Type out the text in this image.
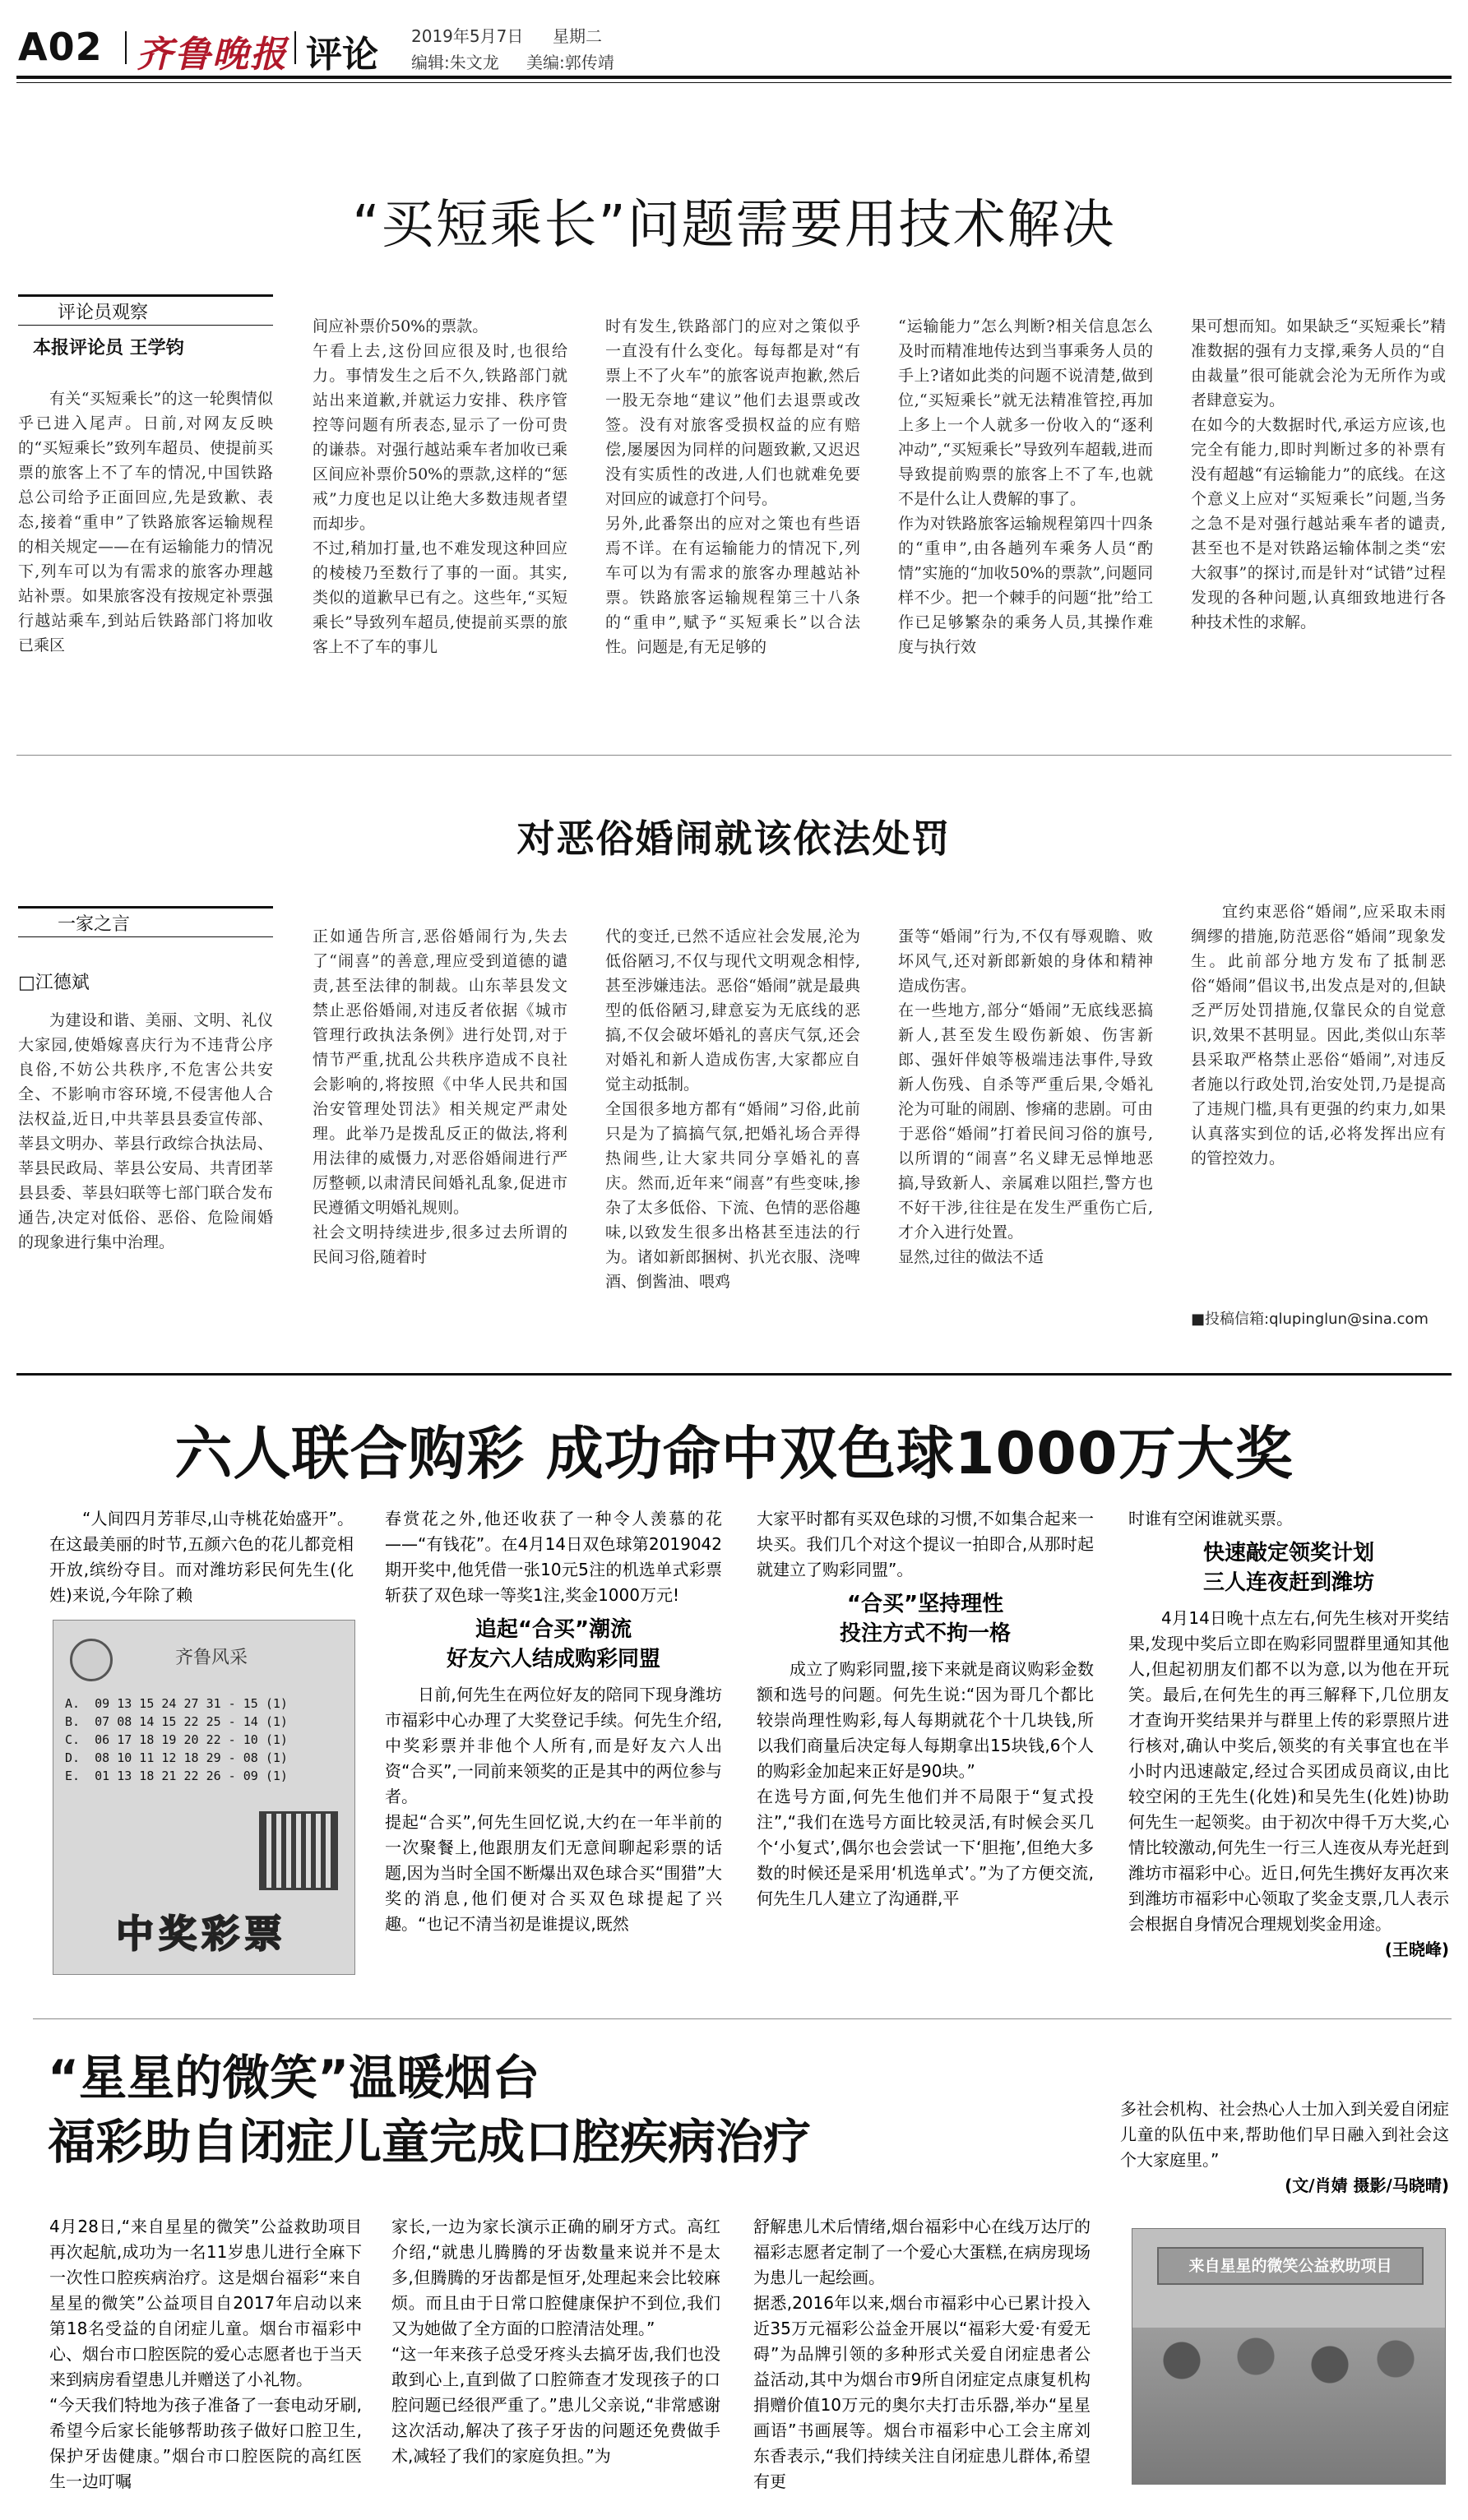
A02 齐鲁晚报 评论 2019年5月7日 星期二
编辑:朱文龙 美编:郭传靖
“买短乘长”问题需要用技术解决
评论员观察
本报评论员 王学钧

有关“买短乘长”的这一轮舆情似乎已进入尾声。日前,对网友反映的“买短乘长”致列车超员、使提前买票的旅客上不了车的情况,中国铁路总公司给予正面回应,先是致歉、表态,接着“重申”了铁路旅客运输规程的相关规定——在有运输能力的情况下,列车可以为有需求的旅客办理越站补票。如果旅客没有按规定补票强行越站乘车,到站后铁路部门将加收已乘区

间应补票价50%的票款。
午看上去,这份回应很及时,也很给力。事情发生之后不久,铁路部门就站出来道歉,并就运力安排、秩序管控等问题有所表态,显示了一份可贵的谦恭。对强行越站乘车者加收已乘区间应补票价50%的票款,这样的“惩戒”力度也足以让绝大多数违规者望而却步。
不过,稍加打量,也不难发现这种回应的棱棱乃至数行了事的一面。其实,类似的道歉早已有之。这些年,“买短乘长”导致列车超员,使提前买票的旅客上不了车的事儿

时有发生,铁路部门的应对之策似乎一直没有什么变化。每每都是对“有票上不了火车”的旅客说声抱歉,然后一股无奈地“建议”他们去退票或改签。没有对旅客受损权益的应有赔偿,屡屡因为同样的问题致歉,又迟迟没有实质性的改进,人们也就难免要对回应的诚意打个问号。
另外,此番祭出的应对之策也有些语焉不详。在有运输能力的情况下,列车可以为有需求的旅客办理越站补票。铁路旅客运输规程第三十八条的“重申”,赋予“买短乘长”以合法性。问题是,有无足够的

“运输能力”怎么判断?相关信息怎么及时而精准地传达到当事乘务人员的手上?诸如此类的问题不说清楚,做到位,“买短乘长”就无法精准管控,再加上多上一个人就多一份收入的“逐利冲动”,“买短乘长”导致列车超载,进而导致提前购票的旅客上不了车,也就不是什么让人费解的事了。
作为对铁路旅客运输规程第四十四条的“重申”,由各趟列车乘务人员“酌情”实施的“加收50%的票款”,问题同样不少。把一个棘手的问题“批”给工作已足够繁杂的乘务人员,其操作难度与执行效

果可想而知。如果缺乏“买短乘长”精准数据的强有力支撑,乘务人员的“自由裁量”很可能就会沦为无所作为或者肆意妄为。
在如今的大数据时代,承运方应该,也完全有能力,即时判断过多的补票有没有超越“有运输能力”的底线。在这个意义上应对“买短乘长”问题,当务之急不是对强行越站乘车者的谴责,甚至也不是对铁路运输体制之类“宏大叙事”的探讨,而是针对“试错”过程发现的各种问题,认真细致地进行各种技术性的求解。

对恶俗婚闹就该依法处罚
一家之言
□江德斌

为建设和谐、美丽、文明、礼仪大家园,使婚嫁喜庆行为不违背公序良俗,不妨公共秩序,不危害公共安全、不影响市容环境,不侵害他人合法权益,近日,中共莘县县委宣传部、莘县文明办、莘县行政综合执法局、莘县民政局、莘县公安局、共青团莘县县委、莘县妇联等七部门联合发布通告,决定对低俗、恶俗、危险闹婚的现象进行集中治理。

正如通告所言,恶俗婚闹行为,失去了“闹喜”的善意,理应受到道德的谴责,甚至法律的制裁。山东莘县发文禁止恶俗婚闹,对违反者依据《城市管理行政执法条例》进行处罚,对于情节严重,扰乱公共秩序造成不良社会影响的,将按照《中华人民共和国治安管理处罚法》相关规定严肃处理。此举乃是拨乱反正的做法,将利用法律的威慑力,对恶俗婚闹进行严厉整顿,以肃清民间婚礼乱象,促进市民遵循文明婚礼规则。
社会文明持续进步,很多过去所谓的民间习俗,随着时

代的变迁,已然不适应社会发展,沦为低俗陋习,不仅与现代文明观念相悖,甚至涉嫌违法。恶俗“婚闹”就是最典型的低俗陋习,肆意妄为无底线的恶搞,不仅会破坏婚礼的喜庆气氛,还会对婚礼和新人造成伤害,大家都应自觉主动抵制。
全国很多地方都有“婚闹”习俗,此前只是为了搞搞气氛,把婚礼场合弄得热闹些,让大家共同分享婚礼的喜庆。然而,近年来“闹喜”有些变味,掺杂了太多低俗、下流、色情的恶俗趣味,以致发生很多出格甚至违法的行为。诸如新郎捆树、扒光衣服、浇啤酒、倒酱油、喂鸡

蛋等“婚闹”行为,不仅有辱观瞻、败坏风气,还对新郎新娘的身体和精神造成伤害。
在一些地方,部分“婚闹”无底线恶搞新人,甚至发生殴伤新娘、伤害新郎、强奸伴娘等极端违法事件,导致新人伤残、自杀等严重后果,令婚礼沦为可耻的闹剧、惨痛的悲剧。可由于恶俗“婚闹”打着民间习俗的旗号,以所谓的“闹喜”名义肆无忌惮地恶搞,导致新人、亲属难以阻拦,警方也不好干涉,往往是在发生严重伤亡后,才介入进行处置。
显然,过往的做法不适

宜约束恶俗“婚闹”,应采取未雨绸缪的措施,防范恶俗“婚闹”现象发生。此前部分地方发布了抵制恶俗“婚闹”倡议书,出发点是对的,但缺乏严厉处罚措施,仅靠民众的自觉意识,效果不甚明显。因此,类似山东莘县采取严格禁止恶俗“婚闹”,对违反者施以行政处罚,治安处罚,乃是提高了违规门槛,具有更强的约束力,如果认真落实到位的话,必将发挥出应有的管控效力。

■投稿信箱:qlupinglun@sina.com
六人联合购彩 成功命中双色球1000万大奖

“人间四月芳菲尽,山寺桃花始盛开”。在这最美丽的时节,五颜六色的花儿都竞相开放,缤纷夺目。而对潍坊彩民何先生(化姓)来说,今年除了赖

齐鲁风采
A.  09 13 15 24 27 31 - 15 (1)
B.  07 08 14 15 22 25 - 14 (1)
C.  06 17 18 19 20 22 - 10 (1)
D.  08 10 11 12 18 29 - 08 (1)
E.  01 13 18 21 22 26 - 09 (1)
中奖彩票

春赏花之外,他还收获了一种令人羡慕的花——“有钱花”。在4月14日双色球第2019042期开奖中,他凭借一张10元5注的机选单式彩票斩获了双色球一等奖1注,奖金1000万元!

追起“合买”潮流
好友六人结成购彩同盟
日前,何先生在两位好友的陪同下现身潍坊市福彩中心办理了大奖登记手续。何先生介绍,中奖彩票并非他个人所有,而是好友六人出资“合买”,一同前来领奖的正是其中的两位参与者。
提起“合买”,何先生回忆说,大约在一年半前的一次聚餐上,他跟朋友们无意间聊起彩票的话题,因为当时全国不断爆出双色球合买“围猎”大奖的消息,他们便对合买双色球提起了兴趣。“也记不清当初是谁提议,既然

大家平时都有买双色球的习惯,不如集合起来一块买。我们几个对这个提议一拍即合,从那时起就建立了购彩同盟”。

“合买”坚持理性
投注方式不拘一格
成立了购彩同盟,接下来就是商议购彩金数额和选号的问题。何先生说:“因为哥几个都比较崇尚理性购彩,每人每期就花个十几块钱,所以我们商量后决定每人每期拿出15块钱,6个人的购彩金加起来正好是90块。”
在选号方面,何先生他们并不局限于“复式投注”,“我们在选号方面比较灵活,有时候会买几个‘小复式’,偶尔也会尝试一下‘胆拖’,但绝大多数的时候还是采用‘机选单式’。”为了方便交流,何先生几人建立了沟通群,平

时谁有空闲谁就买票。

快速敲定领奖计划
三人连夜赶到潍坊
4月14日晚十点左右,何先生核对开奖结果,发现中奖后立即在购彩同盟群里通知其他人,但起初朋友们都不以为意,以为他在开玩笑。最后,在何先生的再三解释下,几位朋友才查询开奖结果并与群里上传的彩票照片进行核对,确认中奖后,领奖的有关事宜也在半小时内迅速敲定,经过合买团成员商议,由比较空闲的王先生(化姓)和吴先生(化姓)协助何先生一起领奖。由于初次中得千万大奖,心情比较激动,何先生一行三人连夜从寿光赶到潍坊市福彩中心。近日,何先生携好友再次来到潍坊市福彩中心领取了奖金支票,几人表示会根据自身情况合理规划奖金用途。
(王晓峰)
“星星的微笑”温暖烟台
福彩助自闭症儿童完成口腔疾病治疗

4月28日,“来自星星的微笑”公益救助项目再次起航,成功为一名11岁患儿进行全麻下一次性口腔疾病治疗。这是烟台福彩“来自星星的微笑”公益项目自2017年启动以来第18名受益的自闭症儿童。烟台市福彩中心、烟台市口腔医院的爱心志愿者也于当天来到病房看望患儿并赠送了小礼物。
“今天我们特地为孩子准备了一套电动牙刷,希望今后家长能够帮助孩子做好口腔卫生,保护牙齿健康。”烟台市口腔医院的高红医生一边叮嘱

家长,一边为家长演示正确的刷牙方式。高红介绍,“就患儿腾腾的牙齿数量来说并不是太多,但腾腾的牙齿都是恒牙,处理起来会比较麻烦。而且由于日常口腔健康保护不到位,我们又为她做了全方面的口腔清洁处理。”
“这一年来孩子总受牙疼头去搞牙齿,我们也没敢到心上,直到做了口腔筛查才发现孩子的口腔问题已经很严重了。”患儿父亲说,“非常感谢这次活动,解决了孩子牙齿的问题还免费做手术,减轻了我们的家庭负担。”为

舒解患儿术后情绪,烟台福彩中心在线万达厅的福彩志愿者定制了一个爱心大蛋糕,在病房现场为患儿一起绘画。
据悉,2016年以来,烟台市福彩中心已累计投入近35万元福彩公益金开展以“福彩大爱·有爱无碍”为品牌引领的多种形式关爱自闭症患者公益活动,其中为烟台市9所自闭症定点康复机构捐赠价值10万元的奥尔夫打击乐器,举办“星星画语”书画展等。烟台市福彩中心工会主席刘东香表示,“我们持续关注自闭症患儿群体,希望有更

多社会机构、社会热心人士加入到关爱自闭症儿童的队伍中来,帮助他们早日融入到社会这个大家庭里。”

(文/肖婧 摄影/马晓晴)
来自星星的微笑公益救助项目
